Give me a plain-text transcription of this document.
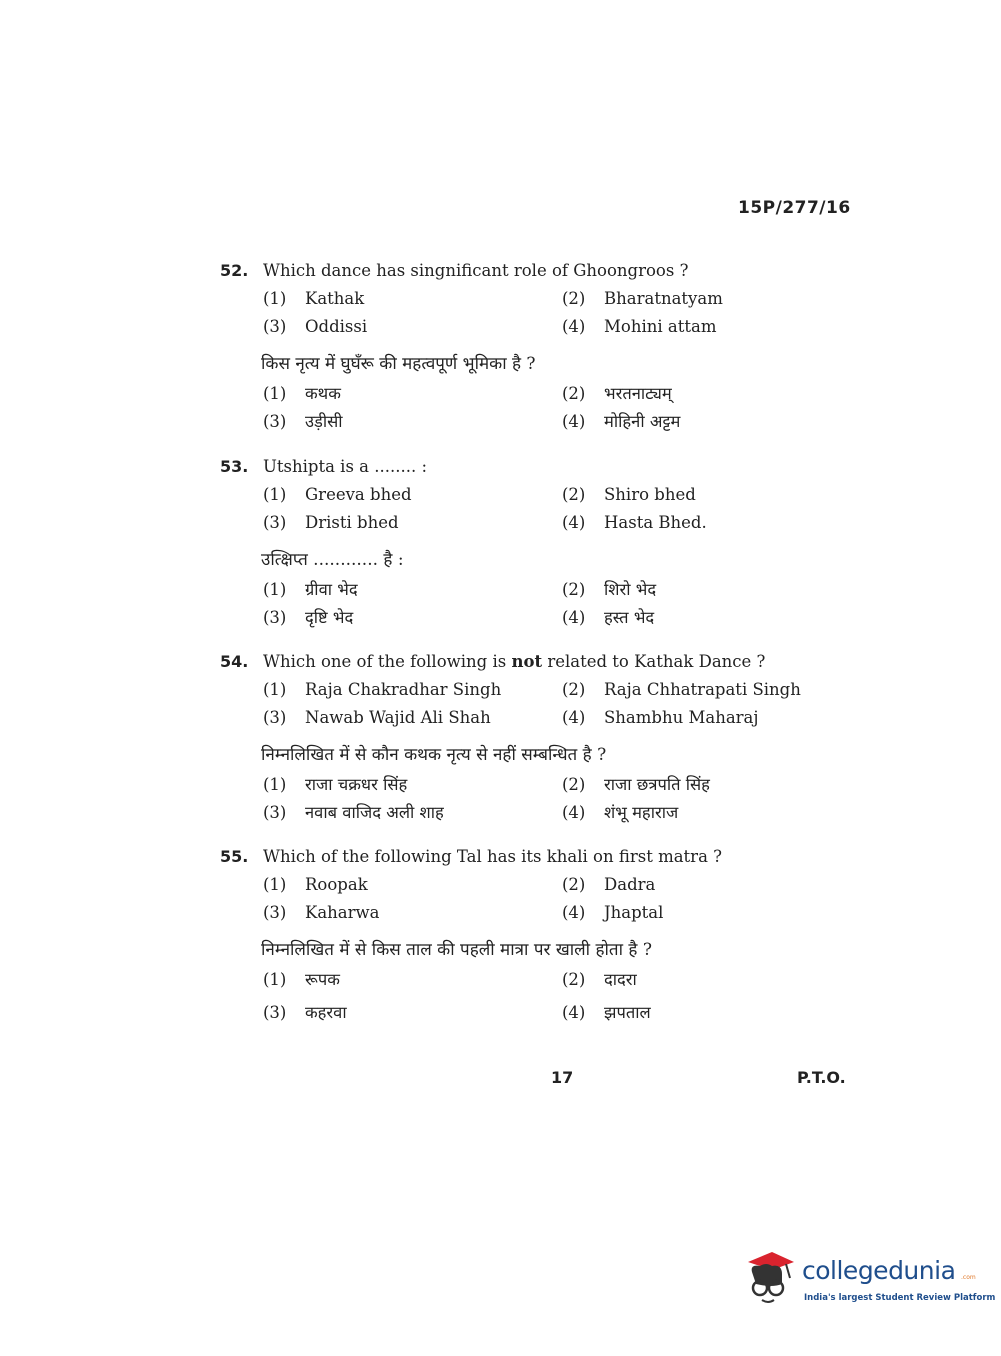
15P/277/16
52. Which dance has singnificant role of Ghoongroos ?
(1) Kathak	(2) Bharatnatyam
(3) Oddissi	(4) Mohini attam
किस नृत्य में घुघँरू की महत्वपूर्ण भूमिका है ?
(1) कथक	(2) भरतनाट्यम्
(3) उड़ीसी	(4) मोहिनी अट्टम
53. Utshipta is a ........ :
(1) Greeva bhed	(2) Shiro bhed
(3) Dristi bhed	(4) Hasta Bhed.
उत्क्षिप्त ............ है :
(1) ग्रीवा भेद	(2) शिरो भेद
(3) दृष्टि भेद	(4) हस्त भेद
54. Which one of the following is not related to Kathak Dance ?
(1) Raja Chakradhar Singh	(2) Raja Chhatrapati Singh
(3) Nawab Wajid Ali Shah	(4) Shambhu Maharaj
निम्नलिखित में से कौन कथक नृत्य से नहीं सम्बन्धित है ?
(1) राजा चक्रधर सिंह	(2) राजा छत्रपति सिंह
(3) नवाब वाजिद अली शाह	(4) शंभू महाराज
55. Which of the following Tal has its khali on first matra ?
(1) Roopak	(2) Dadra
(3) Kaharwa	(4) Jhaptal
निम्नलिखित में से किस ताल की पहली मात्रा पर खाली होता है ?
(1) रूपक	(2) दादरा
(3) कहरवा	(4) झपताल
17	P.T.O.
collegedunia .com
India's largest Student Review Platform
